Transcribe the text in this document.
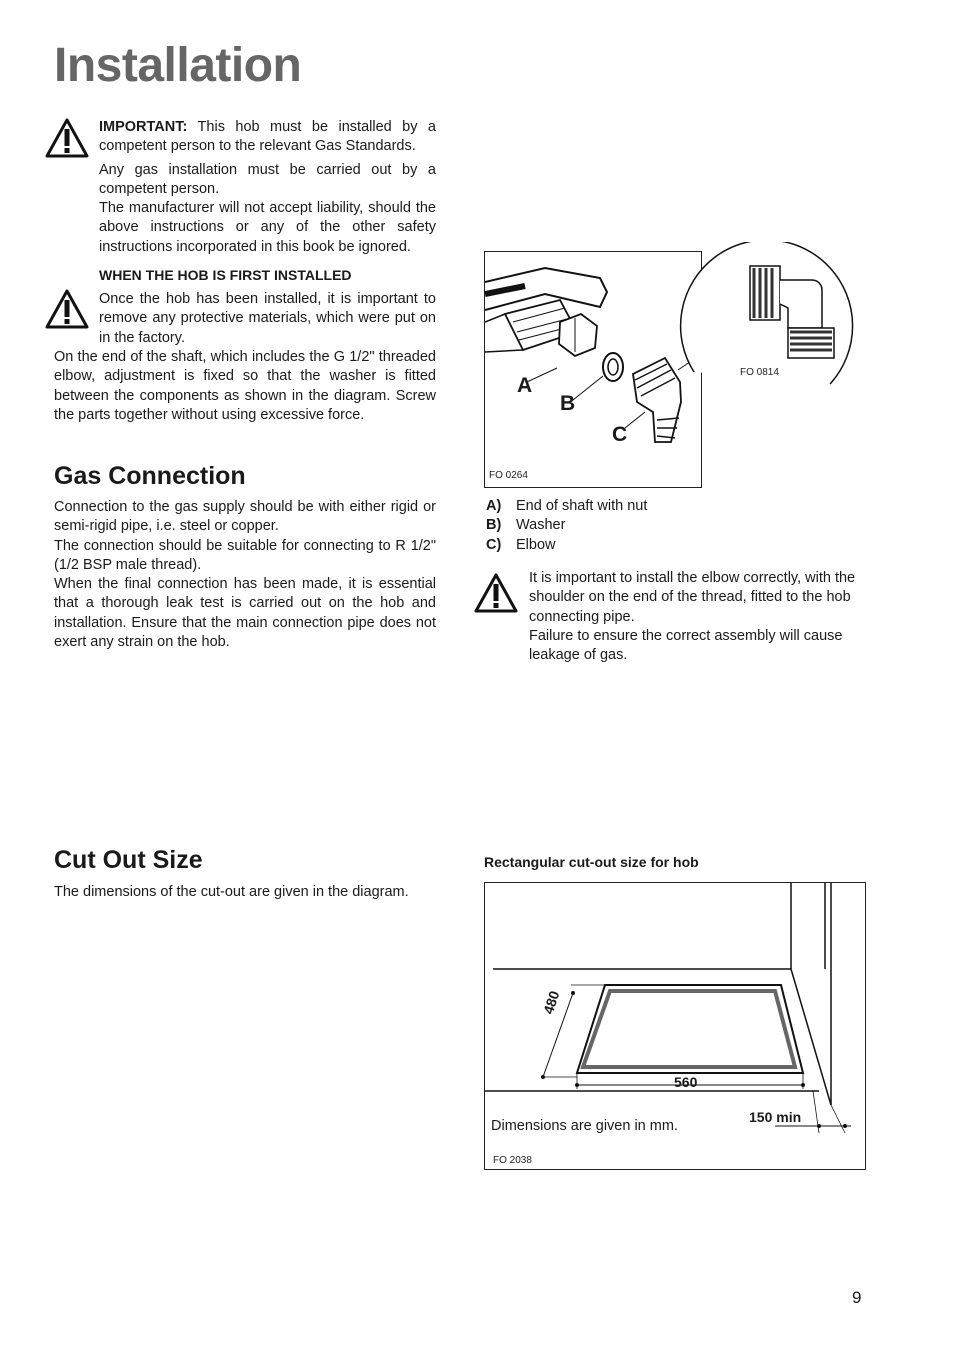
Installation

IMPORTANT: This hob must be installed by a competent person to the relevant Gas Standards.

Any gas installation must be carried out by a competent person.

The manufacturer will not accept liability, should the above instructions or any of the other safety instructions incorporated in this book be ignored.

WHEN THE HOB IS FIRST INSTALLED
Once the hob has been installed, it is important to remove any protective materials, which were put on in the factory.
On the end of the shaft, which includes the G 1/2" threaded elbow, adjustment is fixed so that the washer is fitted between the components as shown in the diagram. Screw the parts together without using excessive force.
Gas Connection

Connection to the gas supply should be with either rigid or semi-rigid pipe, i.e. steel or copper.

The connection should be suitable for connecting to R 1/2" (1/2 BSP male thread).

When the final connection has been made, it is essential that a thorough leak test is carried out on the hob and installation. Ensure that the main connection pipe does not exert any strain on the hob.

A
B
C
FO 0264
FO 0814
A) End of shaft with nut
B) Washer
C) Elbow

It is important to install the elbow correctly, with the shoulder on the end of the thread, fitted to the hob connecting pipe.

Failure to ensure the correct assembly will cause leakage of gas.

Cut Out Size
The dimensions of the cut-out are given in the diagram.
Rectangular cut-out size for hob
480
560
150 min
Dimensions are given in mm.
FO 2038
9
